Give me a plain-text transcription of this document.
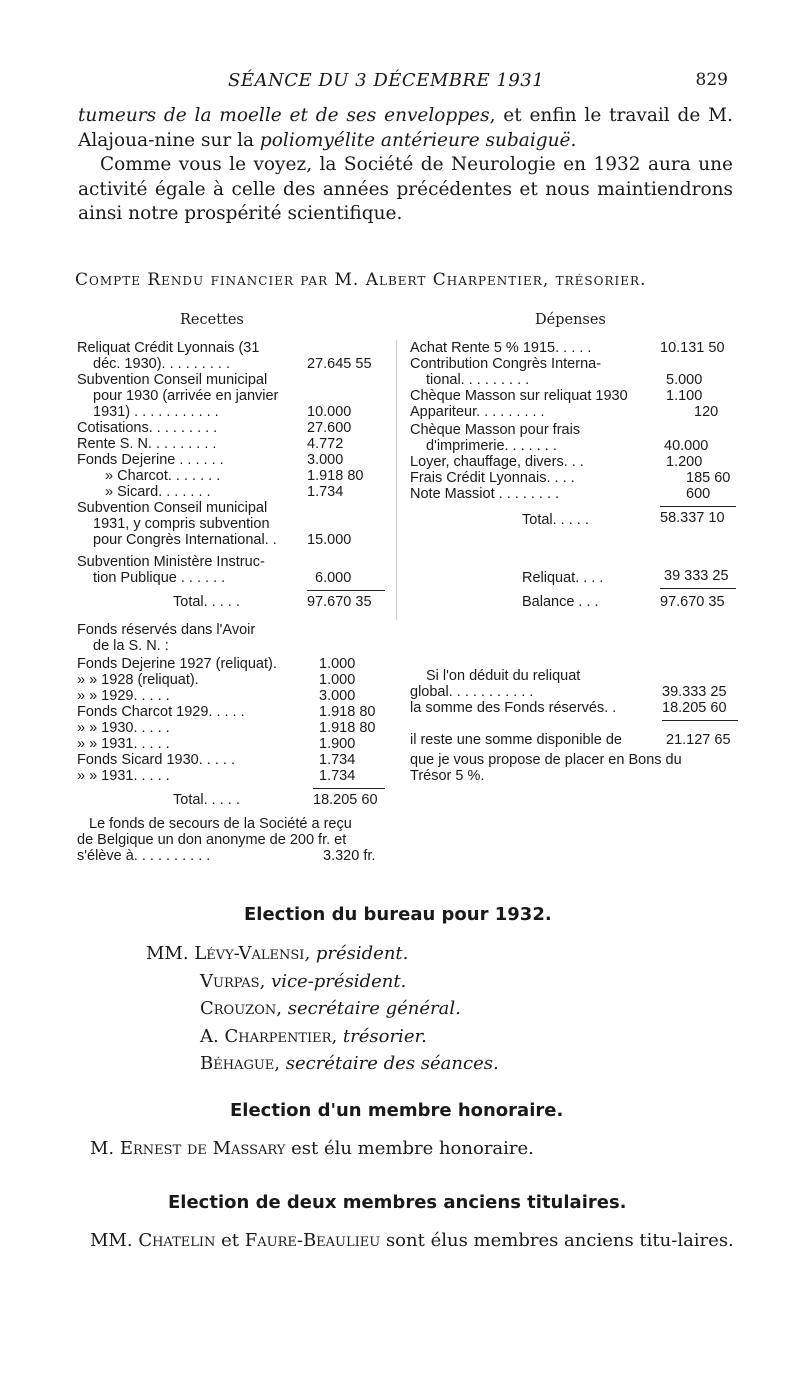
SÉANCE DU 3 DÉCEMBRE 1931	829

tumeurs de la moelle et de ses enveloppes, et enfin le travail de M. Alajoua-nine sur la poliomyélite antérieure subaiguë.

Comme vous le voyez, la Société de Neurologie en 1932 aura une activité égale à celle des années précédentes et nous maintiendrons ainsi notre prospérité scientifique.

Compte Rendu financier par M. Albert Charpentier, trésorier.
Recettes	Dépenses
Reliquat Crédit Lyonnais (31
déc. 1930). . . . . . . . .	27.645 55
Subvention Conseil municipal
pour 1930 (arrivée en janvier
1931) . . . . . . . . . . .	10.000
Cotisations. . . . . . . . .	27.600
Rente S. N. . . . . . . . .	4.772
Fonds Dejerine . . . . . .	3.000
» Charcot. . . . . . .	1.918 80
» Sicard. . . . . . .	1.734
Subvention Conseil municipal
1931, y compris subvention
pour Congrès International. . 15.000
Subvention Ministère Instruc-
tion Publique . . . . . .	6.000
Total. . . . .	97.670 35
Fonds réservés dans l'Avoir
de la S. N. :
Fonds Dejerine 1927 (reliquat).	1.000
» » 1928 (reliquat).	1.000
» » 1929. . . . .	3.000
Fonds Charcot 1929. . . . .	1.918 80
» » 1930. . . . .	1.918 80
» » 1931. . . . .	1.900
Fonds Sicard 1930. . . . .	1.734
» » 1931. . . . .	1.734
Total. . . . .	18.205 60
Le fonds de secours de la Société a reçu
de Belgique un don anonyme de 200 fr. et
s'élève à. . . . . . . . . .	3.320 fr.
Achat Rente 5 % 1915. . . . .	10.131 50
Contribution Congrès Interna-
tional. . . . . . . . .	5.000
Chèque Masson sur reliquat 1930	1.100
Appariteur. . . . . . . . .	120
Chèque Masson pour frais
d'imprimerie. . . . . . .	40.000
Loyer, chauffage, divers. . .	1.200
Frais Crédit Lyonnais. . . .	185 60
Note Massiot . . . . . . . .	600
Total. . . . .	58.337 10
Reliquat. . . .	39 333 25
Balance . . .	97.670 35
Si l'on déduit du reliquat
global. . . . . . . . . . .	39.333 25
la somme des Fonds réservés. .	18.205 60
il reste une somme disponible de	21.127 65
que je vous propose de placer en Bons du
Trésor 5 %.
Election du bureau pour 1932.
MM. Lévy-Valensi, président.
Vurpas, vice-président.
Crouzon, secrétaire général.
A. Charpentier, trésorier.
Béhague, secrétaire des séances.
Election d'un membre honoraire.
M. Ernest de Massary est élu membre honoraire.
Election de deux membres anciens titulaires.
MM. Chatelin et Faure-Beaulieu sont élus membres anciens titu-laires.
